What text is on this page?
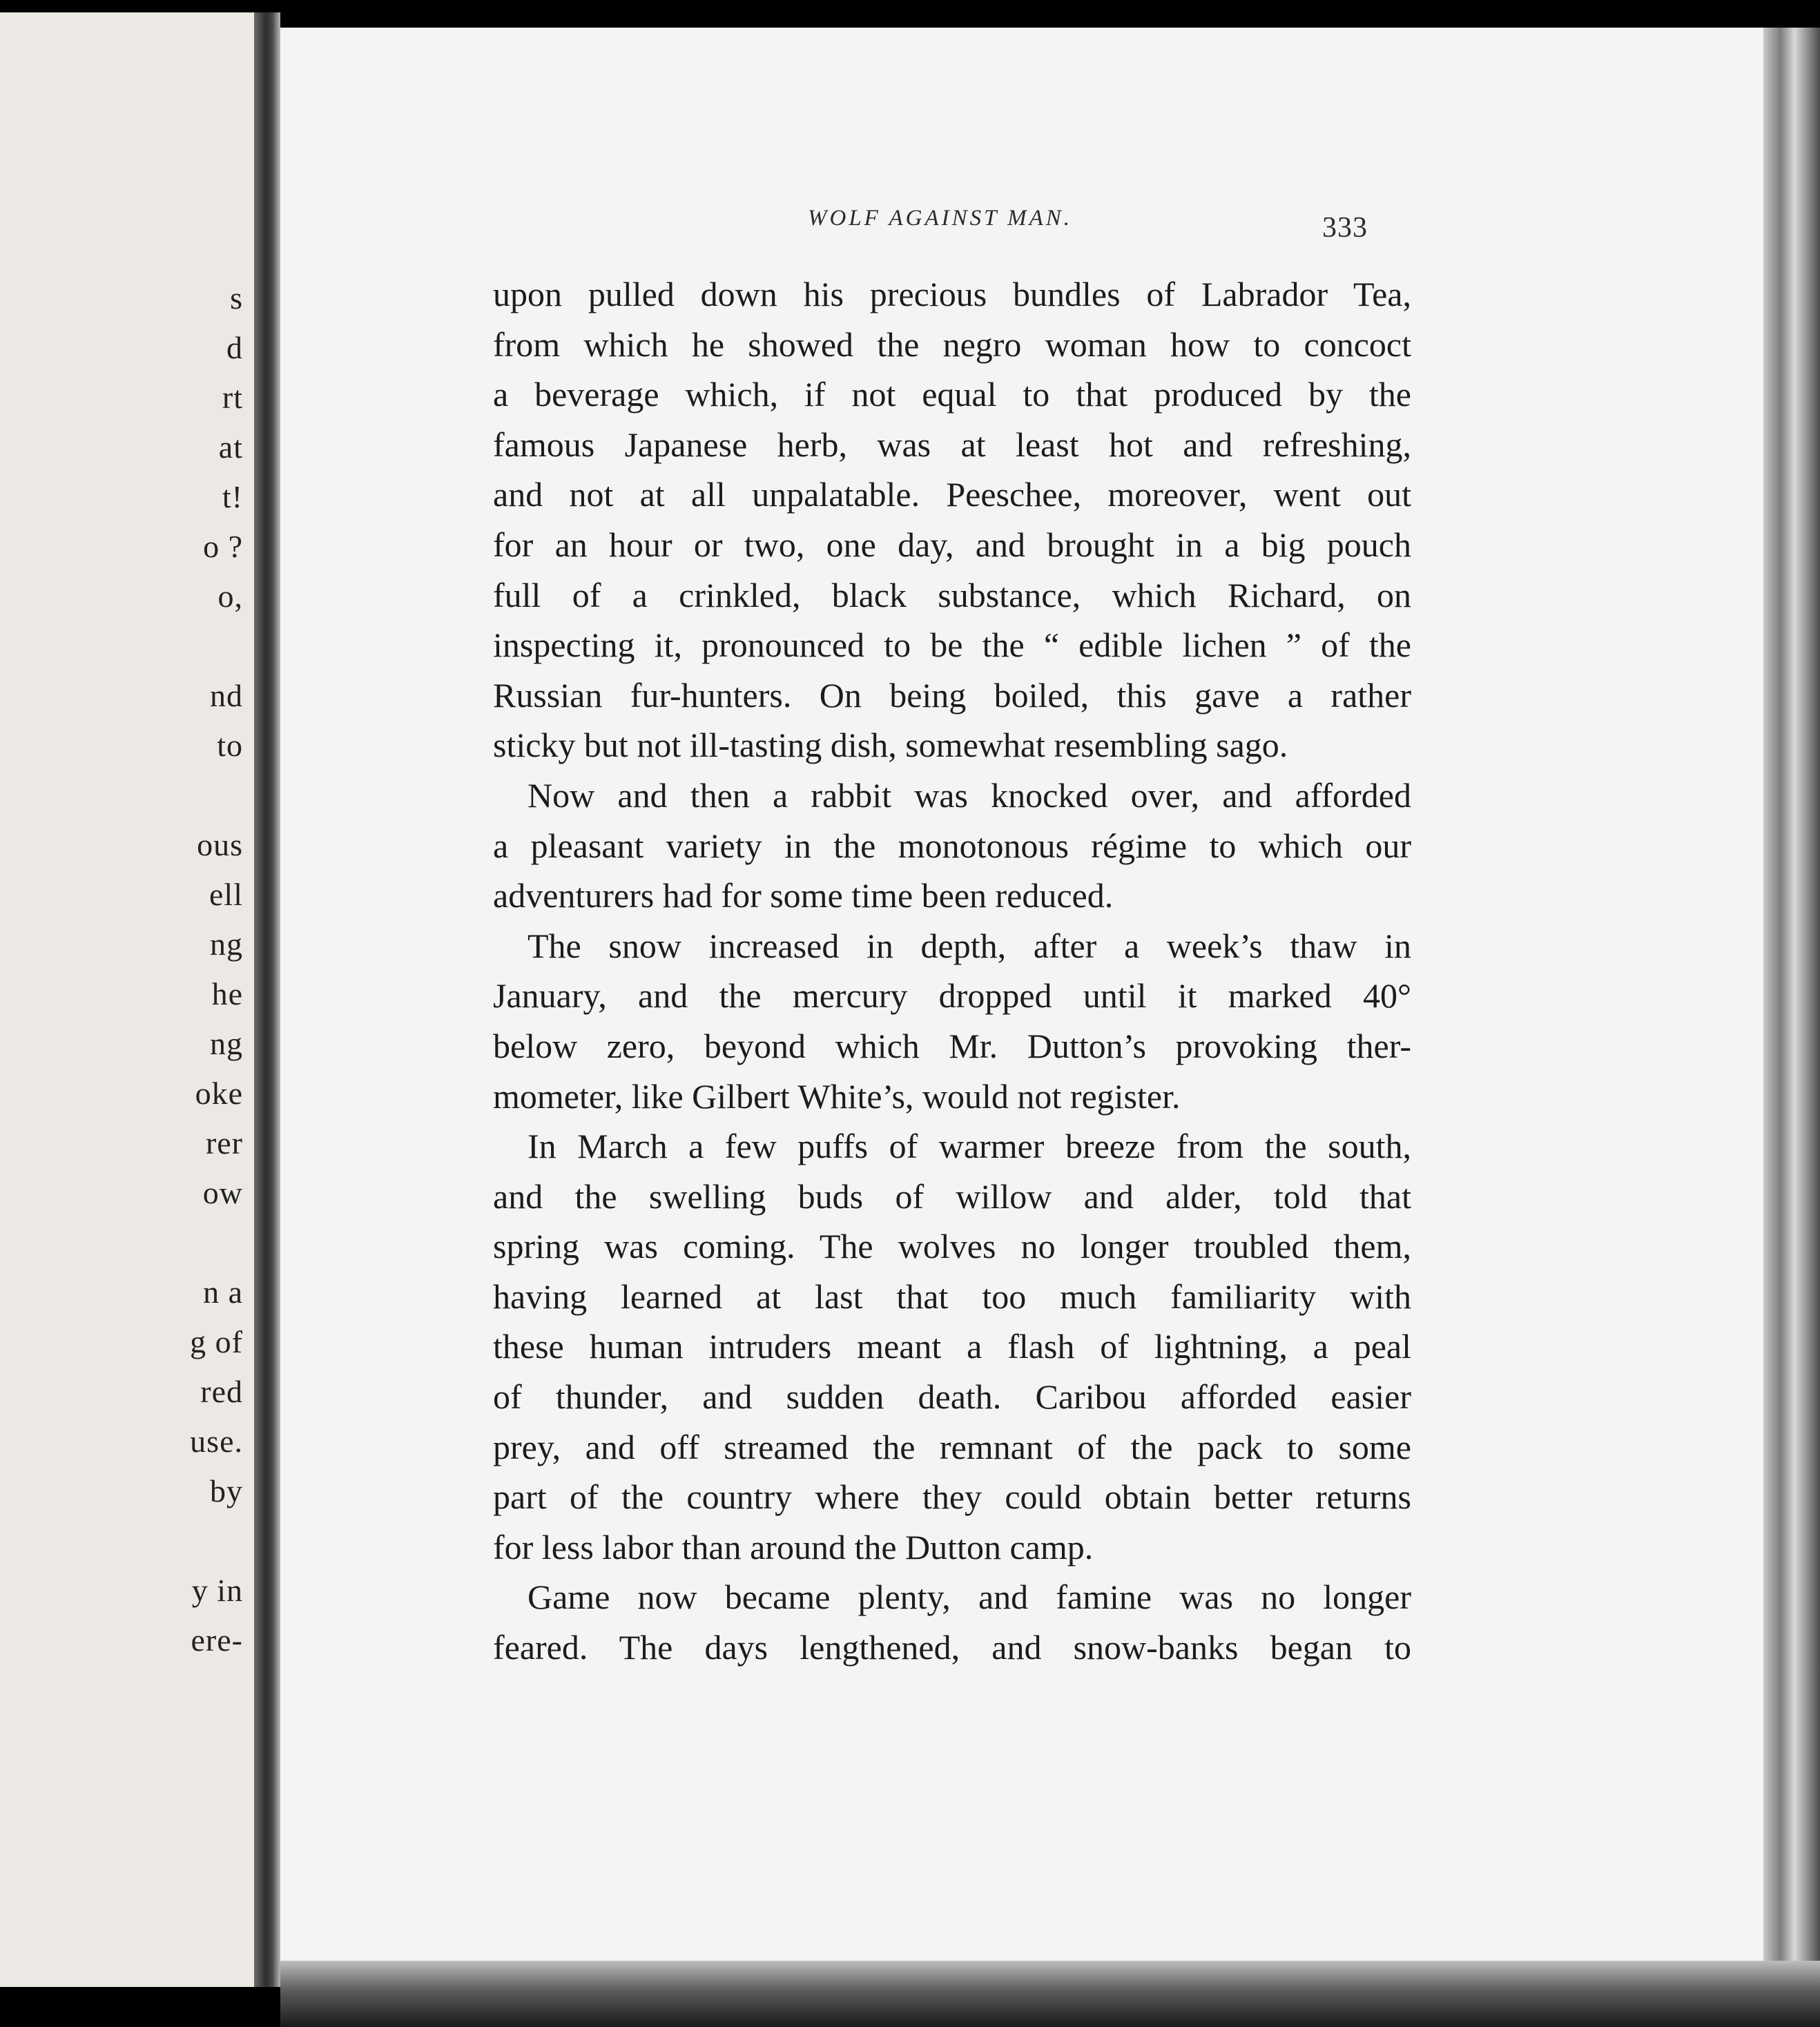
s
d
rt
at
t!
o ?
o,
nd
to
ous
ell
ng
he
ng
oke
rer
ow
n a
g of
red
use.
by
y in
ere-
WOLF AGAINST MAN.	333

upon pulled down his precious bundles of Labrador Tea,
from which he showed the negro woman how to concoct
a beverage which, if not equal to that produced by the
famous Japanese herb, was at least hot and refreshing,
and not at all unpalatable. Peeschee, moreover, went out
for an hour or two, one day, and brought in a big pouch
full of a crinkled, black substance, which Richard, on
inspecting it, pronounced to be the “ edible lichen ” of the
Russian fur-hunters. On being boiled, this gave a rather
sticky but not ill-tasting dish, somewhat resembling sago.

Now and then a rabbit was knocked over, and afforded
a pleasant variety in the monotonous régime to which our
adventurers had for some time been reduced.

The snow increased in depth, after a week’s thaw in
January, and the mercury dropped until it marked 40°
below zero, beyond which Mr. Dutton’s provoking ther-
mometer, like Gilbert White’s, would not register.

In March a few puffs of warmer breeze from the south,
and the swelling buds of willow and alder, told that
spring was coming. The wolves no longer troubled them,
having learned at last that too much familiarity with
these human intruders meant a flash of lightning, a peal
of thunder, and sudden death. Caribou afforded easier
prey, and off streamed the remnant of the pack to some
part of the country where they could obtain better returns
for less labor than around the Dutton camp.

Game now became plenty, and famine was no longer
feared. The days lengthened, and snow-banks began to
